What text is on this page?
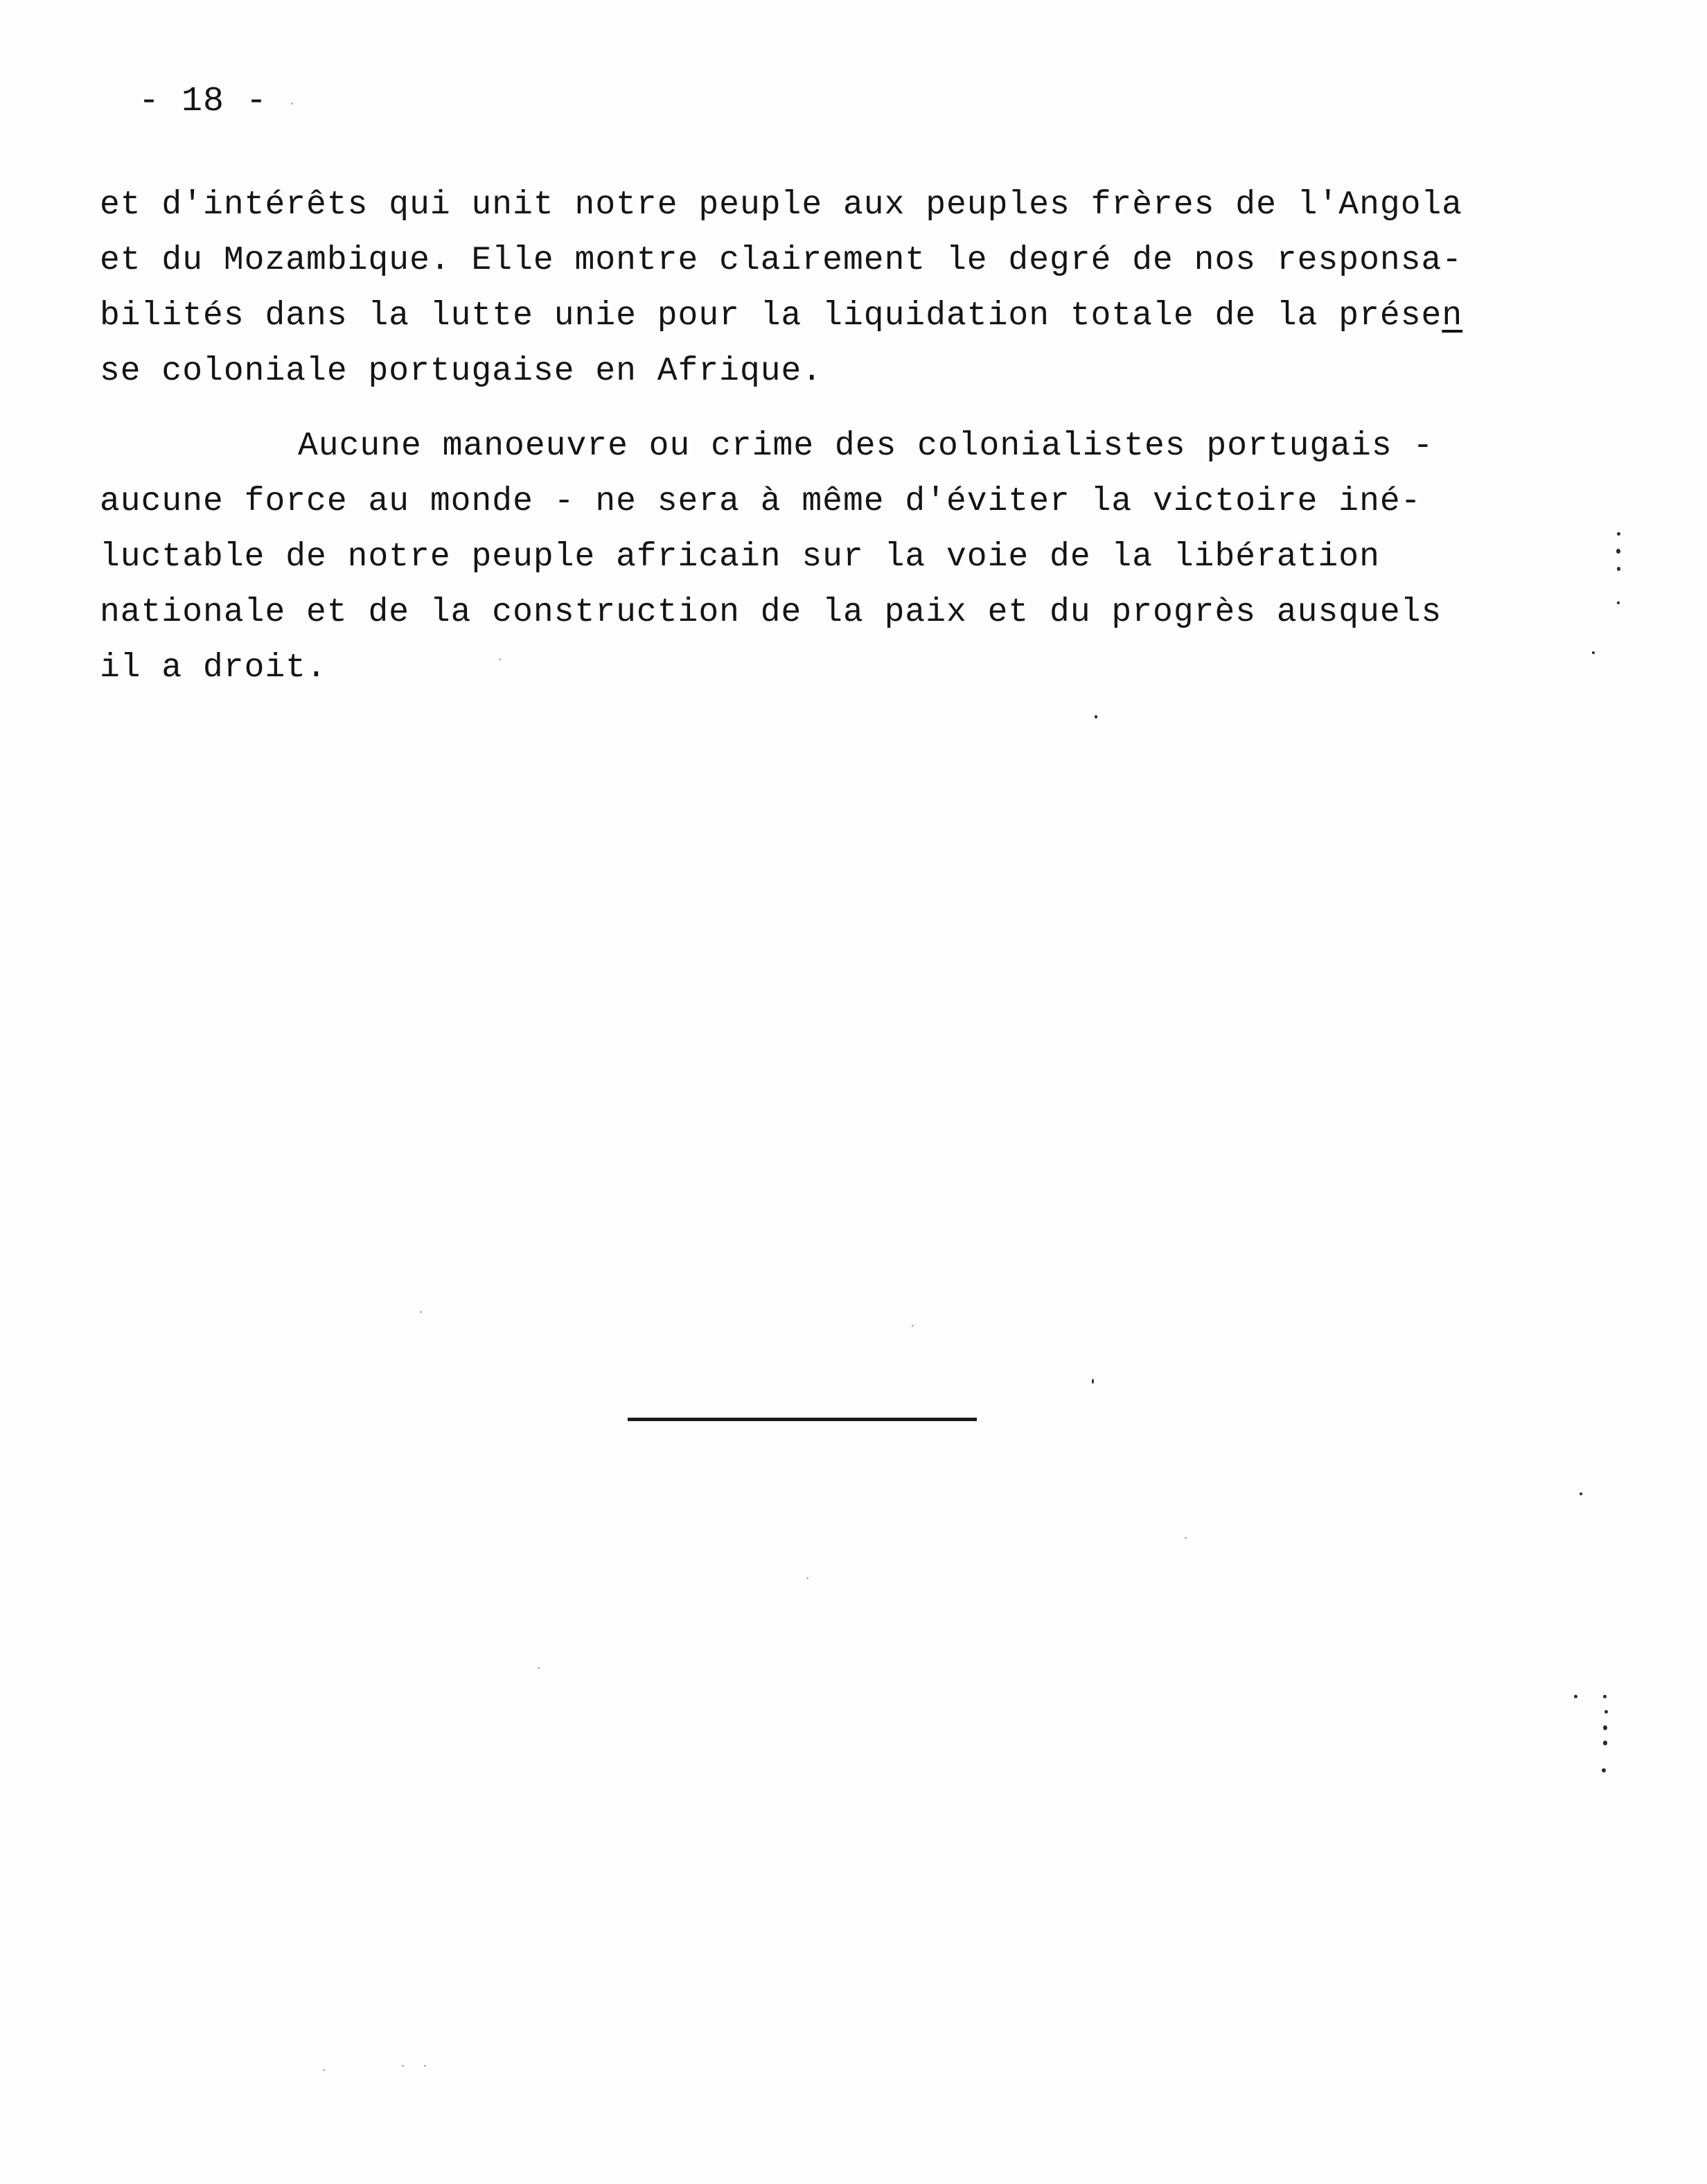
- 18 -
et d'intérêts qui unit notre peuple aux peuples frères de l'Angola
et du Mozambique. Elle montre clairement le degré de nos responsa-
bilités dans la lutte unie pour la liquidation totale de la présen
se coloniale portugaise en Afrique.
Aucune manoeuvre ou crime des colonialistes portugais -
aucune force au monde - ne sera à même d'éviter la victoire iné-
luctable de notre peuple africain sur la voie de la libération
nationale et de la construction de la paix et du progrès ausquels
il a droit.
